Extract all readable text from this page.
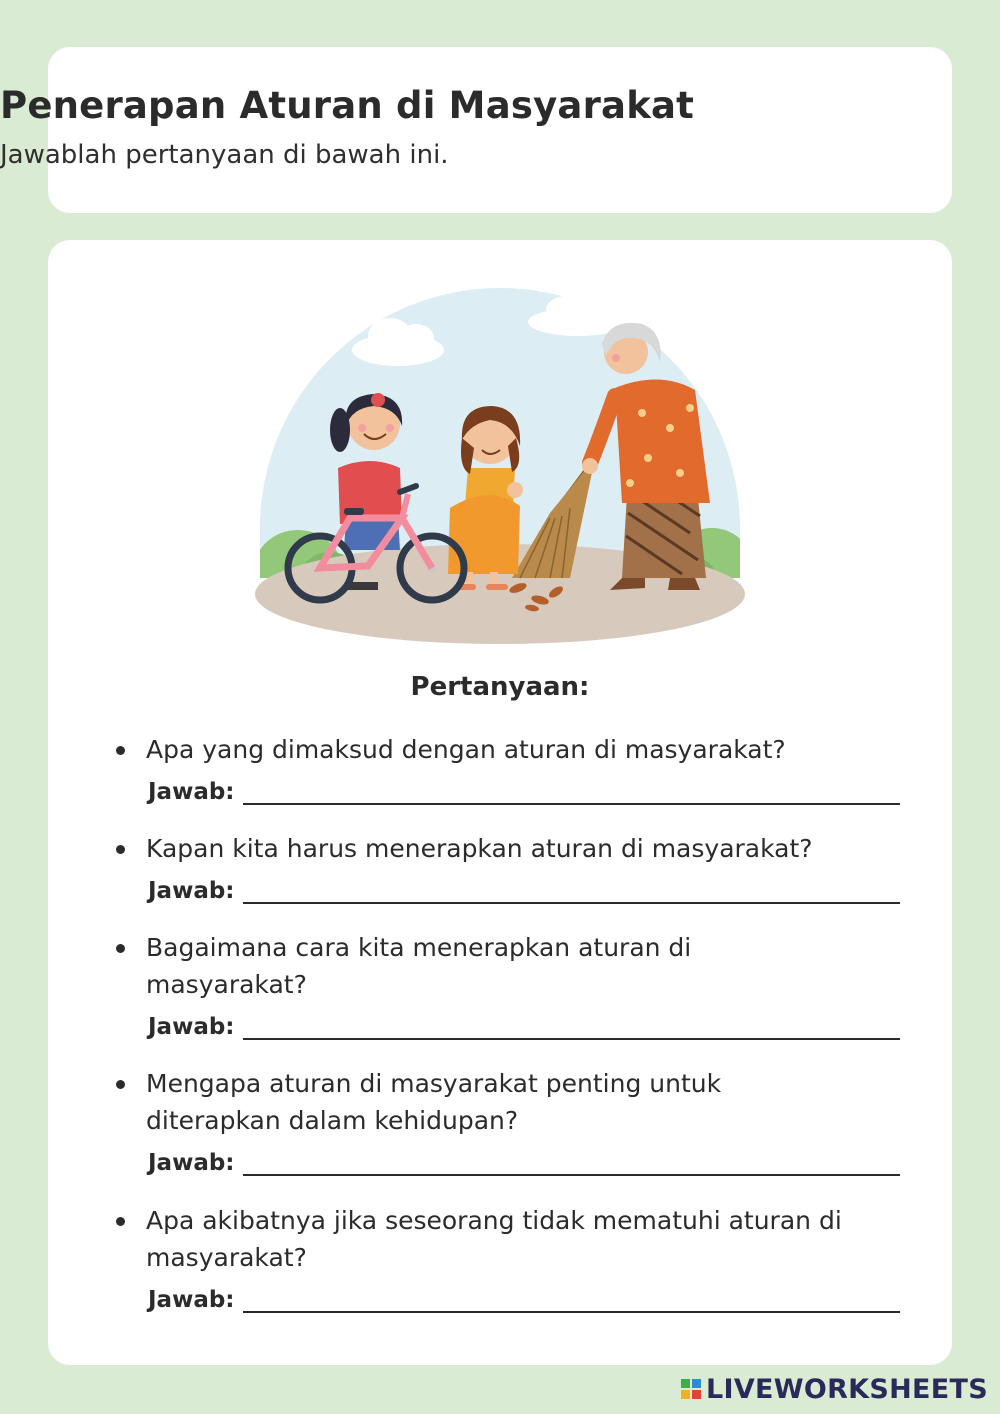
Penerapan Aturan di Masyarakat
Jawablah pertanyaan di bawah ini.
Pertanyaan:
Apa yang dimaksud dengan aturan di masyarakat?
Jawab:
Kapan kita harus menerapkan aturan di masyarakat?
Jawab:
Bagaimana cara kita menerapkan aturan di masyarakat?
Jawab:
Mengapa aturan di masyarakat penting untuk diterapkan dalam kehidupan?
Jawab:
Apa akibatnya jika seseorang tidak mematuhi aturan di masyarakat?
Jawab:
LIVEWORKSHEETS
